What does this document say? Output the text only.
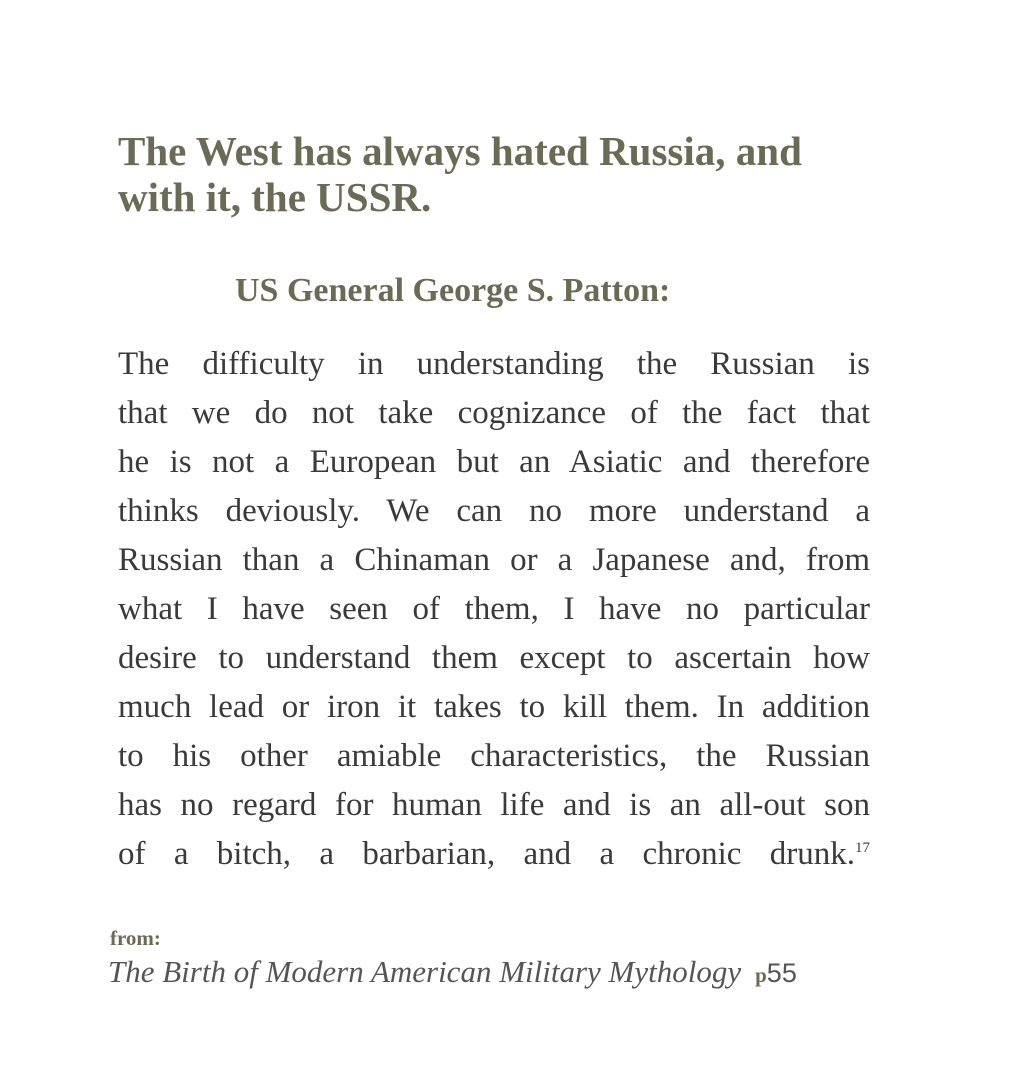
The West has always hated Russia, and
with it, the USSR.
US General George S. Patton:
The difficulty in understanding the Russian is
that we do not take cognizance of the fact that
he is not a European but an Asiatic and therefore
thinks deviously. We can no more understand a
Russian than a Chinaman or a Japanese and, from
what I have seen of them, I have no particular
desire to understand them except to ascertain how
much lead or iron it takes to kill them. In addition
to his other amiable characteristics, the Russian
has no regard for human life and is an all-out son
of a bitch, a barbarian, and a chronic drunk.$^{17}$
from:
The Birth of Modern American Military Mythology p55
